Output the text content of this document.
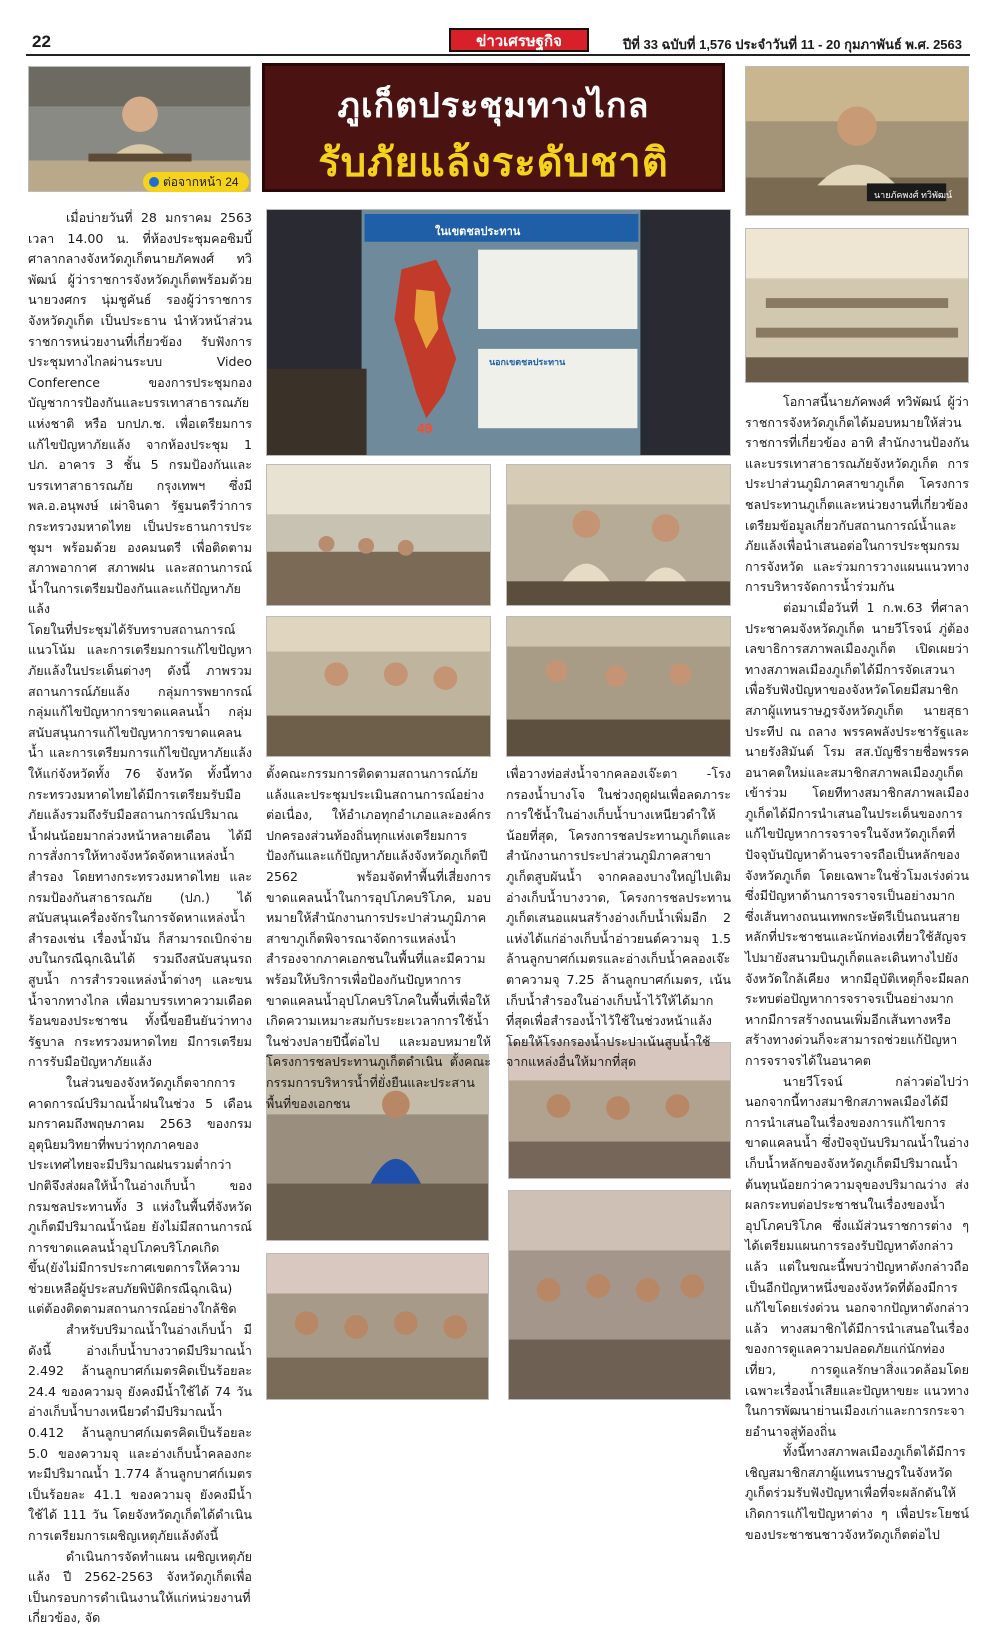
22	ข่าวเศรษฐกิจ	ปีที่ 33 ฉบับที่ 1,576 ประจำวันที่ 11 - 20 กุมภาพันธ์ พ.ศ. 2563
ต่อจากหน้า 24
ภูเก็ตประชุมทางไกล
รับภัยแล้งระดับชาติ
นายภัคพงศ์ ทวิพัฒน์
ในเขตชลประทาน
49
นอกเขตชลประทาน

เมื่อบ่ายวันที่ 28 มกราคม 2563 เวลา 14.00 น. ที่ห้องประชุมคอซิมบี้ ศาลากลางจังหวัดภูเก็ตนายภัคพงศ์ ทวิพัฒน์ ผู้ว่าราชการจังหวัดภูเก็ตพร้อมด้วยนายวงศกร นุ่มชูคันธ์ รองผู้ว่าราชการจังหวัดภูเก็ต เป็นประธาน นำหัวหน้าส่วนราชการหน่วยงานที่เกี่ยวข้อง รับฟังการประชุมทางไกลผ่านระบบ Video Conference ของการประชุมกองบัญชาการป้องกันและบรรเทาสาธารณภัยแห่งชาติ หรือ บกปภ.ช. เพื่อเตรียมการแก้ไขปัญหาภัยแล้ง จากห้องประชุม 1 ปภ. อาคาร 3 ชั้น 5 กรมป้องกันและบรรเทาสาธารณภัย กรุงเทพฯ ซึ่งมีพล.อ.อนุพงษ์ เผ่าจินดา รัฐมนตรีว่าการกระทรวงมหาดไทย เป็นประธานการประชุมฯ พร้อมด้วย องคมนตรี เพื่อติดตามสภาพอากาศ สภาพฝน และสถานการณ์น้ำในการเตรียมป้องกันและแก้ปัญหาภัยแล้ง

โดยในที่ประชุมได้รับทราบสถานการณ์ แนวโน้ม และการเตรียมการแก้ไขปัญหาภัยแล้งในประเด็นต่างๆ ดังนี้ ภาพรวมสถานการณ์ภัยแล้ง กลุ่มการพยากรณ์ กลุ่มแก้ไขปัญหาการขาดแคลนน้ำ กลุ่มสนับสนุนการแก้ไขปัญหาการขาดแคลนน้ำ และการเตรียมการแก้ไขปัญหาภัยแล้งให้แก่จังหวัดทั้ง 76 จังหวัด ทั้งนี้ทางกระทรวงมหาดไทยได้มีการเตรียมรับมือภัยแล้งรวมถึงรับมือสถานการณ์ปริมาณน้ำฝนน้อยมากล่วงหน้าหลายเดือน ได้มีการสั่งการให้ทางจังหวัดจัดหาแหล่งน้ำสำรอง โดยทางกระทรวงมหาดไทย และกรมป้องกันสาธารณภัย (ปภ.) ได้สนับสนุนเครื่องจักรในการจัดหาแหล่งน้ำสำรองเช่น เรื่องน้ำมัน ก็สามารถเบิกจ่ายงบในกรณีฉุกเฉินได้ รวมถึงสนับสนุนรถสูบน้ำ การสำรวจแหล่งน้ำต่างๆ และขนน้ำจากทางไกล เพื่อมาบรรเทาความเดือดร้อนของประชาชน ทั้งนี้ขอยืนยันว่าทางรัฐบาล กระทรวงมหาดไทย มีการเตรียมการรับมือปัญหาภัยแล้ง

ในส่วนของจังหวัดภูเก็ตจากการคาดการณ์ปริมาณน้ำฝนในช่วง 5 เดือนมกราคมถึงพฤษภาคม 2563 ของกรมอุตุนิยมวิทยาที่พบว่าทุกภาคของประเทศไทยจะมีปริมาณฝนรวมต่ำกว่าปกติจึงส่งผลให้น้ำในอ่างเก็บน้ำ ของกรมชลประทานทั้ง 3 แห่งในพื้นที่จังหวัดภูเก็ตมีปริมาณน้ำน้อย ยังไม่มีสถานการณ์การขาดแคลนน้ำอุปโภคบริโภคเกิดขึ้น(ยังไม่มีการประกาศเขตการให้ความช่วยเหลือผู้ประสบภัยพิบัติกรณีฉุกเฉิน) แต่ต้องติดตามสถานการณ์อย่างใกล้ชิด

สำหรับปริมาณน้ำในอ่างเก็บน้ำ มีดังนี้ อ่างเก็บน้ำบางวาดมีปริมาณน้ำ 2.492 ล้านลูกบาศก์เมตรคิดเป็นร้อยละ 24.4 ของความจุ ยังคงมีน้ำใช้ได้ 74 วัน อ่างเก็บน้ำบางเหนียวดำมีปริมาณน้ำ 0.412 ล้านลูกบาศก์เมตรคิดเป็นร้อยละ 5.0 ของความจุ และอ่างเก็บน้ำคลองกะทะมีปริมาณน้ำ 1.774 ล้านลูกบาศก์เมตร เป็นร้อยละ 41.1 ของความจุ ยังคงมีน้ำใช้ได้ 111 วัน โดยจังหวัดภูเก็ตได้ดำเนินการเตรียมการเผชิญเหตุภัยแล้งดังนี้

ดำเนินการจัดทำแผน เผชิญเหตุภัยแล้ง ปี 2562-2563 จังหวัดภูเก็ตเพื่อเป็นกรอบการดำเนินงานให้แก่หน่วยงานที่เกี่ยวข้อง, จัด

ตั้งคณะกรรมการติดตามสถานการณ์ภัยแล้งและประชุมประเมินสถานการณ์อย่างต่อเนื่อง, ให้อำเภอทุกอำเภอและองค์กรปกครองส่วนท้องถิ่นทุกแห่งเตรียมการป้องกันและแก้ปัญหาภัยแล้งจังหวัดภูเก็ตปี 2562 พร้อมจัดทำพื้นที่เสี่ยงการขาดแคลนน้ำในการอุปโภคบริโภค, มอบหมายให้สำนักงานการประปาส่วนภูมิภาคสาขาภูเก็ตพิจารณาจัดการแหล่งน้ำสำรองจากภาคเอกชนในพื้นที่และมีความพร้อมให้บริการเพื่อป้องกันปัญหาการขาดแคลนน้ำอุปโภคบริโภคในพื้นที่เพื่อให้เกิดความเหมาะสมกับระยะเวลาการใช้น้ำในช่วงปลายปีนี้ต่อไป และมอบหมายให้โครงการชลประทานภูเก็ตดำเนิน ตั้งคณะกรรมการบริหารน้ำที่ยั่งยืนและประสานพื้นที่ของเอกชน

เพื่อวางท่อส่งน้ำจากคลองเจ๊ะตา -โรงกรองน้ำบางโจ ในช่วงฤดูฝนเพื่อลดภาระการใช้น้ำในอ่างเก็บน้ำบางเหนียวดำให้น้อยที่สุด, โครงการชลประทานภูเก็ตและสำนักงานการประปาส่วนภูมิภาคสาขาภูเก็ตสูบผันน้ำ จากคลองบางใหญ่ไปเติมอ่างเก็บน้ำบางวาด, โครงการชลประทานภูเก็ตเสนอแผนสร้างอ่างเก็บน้ำเพิ่มอีก 2 แห่งได้แก่อ่างเก็บน้ำอ่าวยนต์ความจุ 1.5 ล้านลูกบาศก์เมตรและอ่างเก็บน้ำคลองเจ๊ะตาความจุ 7.25 ล้านลูกบาศก์เมตร, เน้นเก็บน้ำสำรองในอ่างเก็บน้ำไว้ให้ได้มากที่สุดเพื่อสำรองน้ำไว้ใช้ในช่วงหน้าแล้งโดยให้โรงกรองน้ำประปาเน้นสูบน้ำใช้จากแหล่งอื่นให้มากที่สุด

โอกาสนี้นายภัคพงศ์ ทวิพัฒน์ ผู้ว่าราชการจังหวัดภูเก็ตได้มอบหมายให้ส่วนราชการที่เกี่ยวข้อง อาทิ สำนักงานป้องกันและบรรเทาสาธารณภัยจังหวัดภูเก็ต การประปาส่วนภูมิภาคสาขาภูเก็ต โครงการชลประทานภูเก็ตและหน่วยงานที่เกี่ยวข้อง เตรียมข้อมูลเกี่ยวกับสถานการณ์น้ำและภัยแล้งเพื่อนำเสนอต่อในการประชุมกรมการจังหวัด และร่วมการวางแผนแนวทางการบริหารจัดการน้ำร่วมกัน

ต่อมาเมื่อวันที่ 1 ก.พ.63 ที่ศาลาประชาคมจังหวัดภูเก็ต นายวีโรจน์ ภู่ต้องเลขาธิการสภาพลเมืองภูเก็ต เปิดเผยว่า ทางสภาพลเมืองภูเก็ตได้มีการจัดเสวนาเพื่อรับฟังปัญหาของจังหวัดโดยมีสมาชิกสภาผู้แทนราษฎรจังหวัดภูเก็ต นายสุธา ประทีป ณ ถลาง พรรคพลังประชารัฐและนายรังสิมันต์ โรม สส.บัญชีรายชื่อพรรคอนาคตใหม่และสมาชิกสภาพลเมืองภูเก็ตเข้าร่วม โดยทีทางสมาชิกสภาพลเมืองภูเก็ตได้มีการนำเสนอในประเด็นของการแก้ไขปัญหาการจราจรในจังหวัดภูเก็ตที่ปัจจุบันปัญหาด้านจราจรถือเป็นหลักของจังหวัดภูเก็ต โดยเฉพาะในชั่วโมงเร่งด่วน ซึ่งมีปัญหาด้านการจราจรเป็นอย่างมากซึ่งเส้นทางถนนเทพกระษัตรีเป็นถนนสายหลักที่ประชาชนและนักท่องเที่ยวใช้สัญจรไปมายังสนามบินภูเก็ตและเดินทางไปยังจังหวัดใกล้เคียง หากมีอุบัติเหตุก็จะมีผลกระทบต่อปัญหาการจราจรเป็นอย่างมาก หากมีการสร้างถนนเพิ่มอีกเส้นทางหรือสร้างทางด่วนก็จะสามารถช่วยแก้ปัญหาการจราจรได้ในอนาคต

นายวีโรจน์ กล่าวต่อไปว่า นอกจากนี้ทางสมาชิกสภาพลเมืองได้มีการนำเสนอในเรื่องของการแก้ไขการขาดแคลนน้ำ ซึ่งปัจจุบันปริมาณน้ำในอ่างเก็บน้ำหลักของจังหวัดภูเก็ตมีปริมาณน้ำต้นทุนน้อยกว่าความจุของปริมาณว่าง ส่งผลกระทบต่อประชาชนในเรื่องของน้ำอุปโภคบริโภค ซึ่งแม้ส่วนราชการต่าง ๆ ได้เตรียมแผนการรองรับปัญหาดังกล่าวแล้ว แต่ในขณะนี้พบว่าปัญหาดังกล่าวถือเป็นอีกปัญหาหนึ่งของจังหวัดที่ต้องมีการแก้ไขโดยเร่งด่วน นอกจากปัญหาดังกล่าวแล้ว ทางสมาชิกได้มีการนำเสนอในเรื่องของการดูแลความปลอดภัยแก่นักท่องเที่ยว, การดูแลรักษาสิ่งแวดล้อมโดยเฉพาะเรื่องน้ำเสียและปัญหาขยะ แนวทางในการพัฒนาย่านเมืองเก่าและการกระจายอำนาจสู่ท้องถิ่น

ทั้งนี้ทางสภาพลเมืองภูเก็ตได้มีการเชิญสมาชิกสภาผู้แทนราษฎรในจังหวัดภูเก็ตร่วมรับฟังปัญหาเพื่อที่จะผลักดันให้เกิดการแก้ไขปัญหาต่าง ๆ เพื่อประโยชน์ของประชาชนชาวจังหวัดภูเก็ตต่อไป
